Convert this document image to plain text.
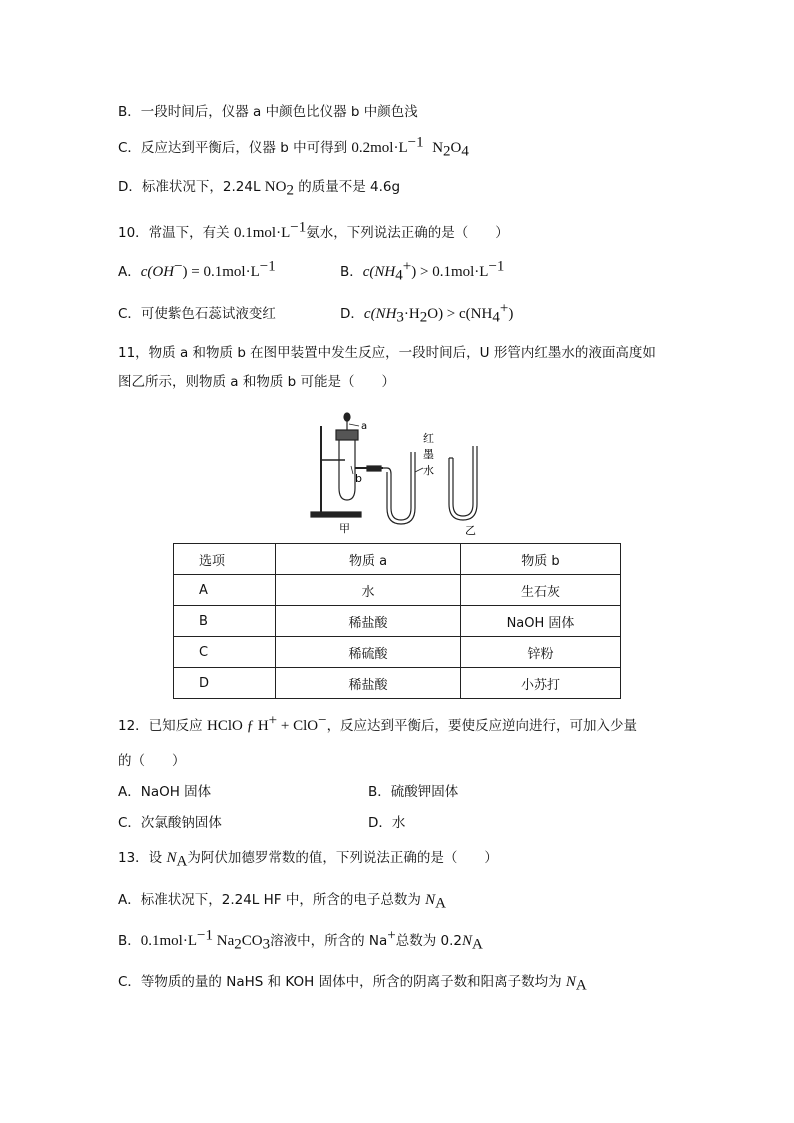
B．一段时间后，仪器 a 中颜色比仪器 b 中颜色浅
C．反应达到平衡后，仪器 b 中可得到 $0.2mol\cdot L^{-1}$ $N_2O_4$
D．标准状况下，2.24L $NO_2$ 的质量不是 4.6g
10．常温下，有关 $0.1mol\cdot L^{-1}$氨水，下列说法正确的是（　　）
A．$c(OH^-) = 0.1mol\cdot L^{-1}$	B．$c(NH_4^+) > 0.1mol\cdot L^{-1}$
C．可使紫色石蕊试液变红	D．$c(NH_3\cdot H_2O) > c(NH_4^+)$
11，物质 a 和物质 b 在图甲装置中发生反应，一段时间后，U 形管内红墨水的液面高度如
图乙所示，则物质 a 和物质 b 可能是（　　）
a
b
红
墨
水
甲	乙
选项	物质 a	物质 b
A	水	生石灰
B	稀盐酸	NaOH 固体
C	稀硫酸	锌粉
D	稀盐酸	小苏打
12．已知反应 HClO ƒ H+ + ClO−，反应达到平衡后，要使反应逆向进行，可加入少量
的（　　）
A．NaOH 固体	B．硫酸钾固体
C．次氯酸钠固体	D．水
13．设 $N_A$为阿伏加德罗常数的值，下列说法正确的是（　　）
A．标准状况下，2.24L HF 中，所含的电子总数为 $N_A$
B．$0.1mol\cdot L^{-1}$ $Na_2CO_3$溶液中，所含的 Na+总数为 $0.2N_A$
C．等物质的量的 NaHS 和 KOH 固体中，所含的阴离子数和阳离子数均为 $N_A$
